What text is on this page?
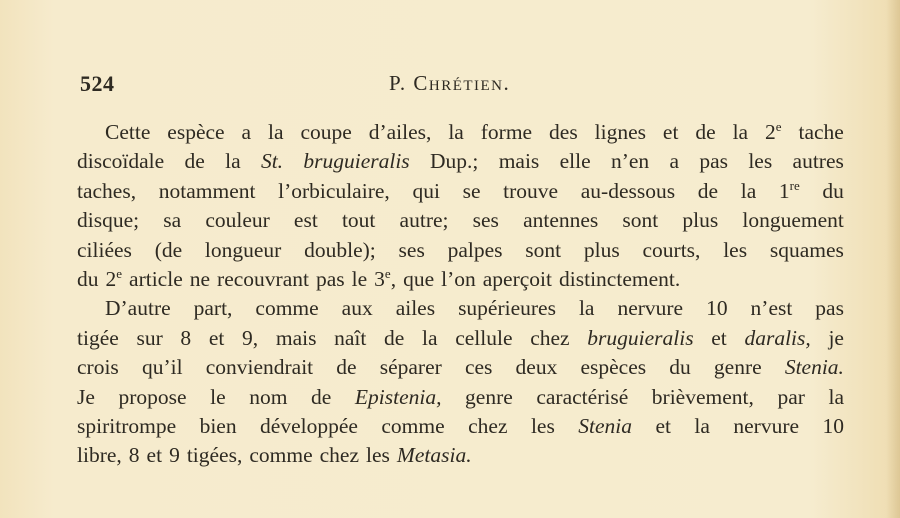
524	P. Chrétien.
Cette espèce a la coupe d’ailes, la forme des lignes et de la 2e tache
discoïdale de la St. bruguieralis Dup.; mais elle n’en a pas les autres
taches, notamment l’orbiculaire, qui se trouve au-dessous de la 1re du
disque; sa couleur est tout autre; ses antennes sont plus longuement
ciliées (de longueur double); ses palpes sont plus courts, les squames
du 2e article ne recouvrant pas le 3e, que l’on aperçoit distinctement.
D’autre part, comme aux ailes supérieures la nervure 10 n’est pas
tigée sur 8 et 9, mais naît de la cellule chez bruguieralis et daralis, je
crois qu’il conviendrait de séparer ces deux espèces du genre Stenia.
Je propose le nom de Epistenia, genre caractérisé brièvement, par la
spiritrompe bien développée comme chez les Stenia et la nervure 10
libre, 8 et 9 tigées, comme chez les Metasia.
